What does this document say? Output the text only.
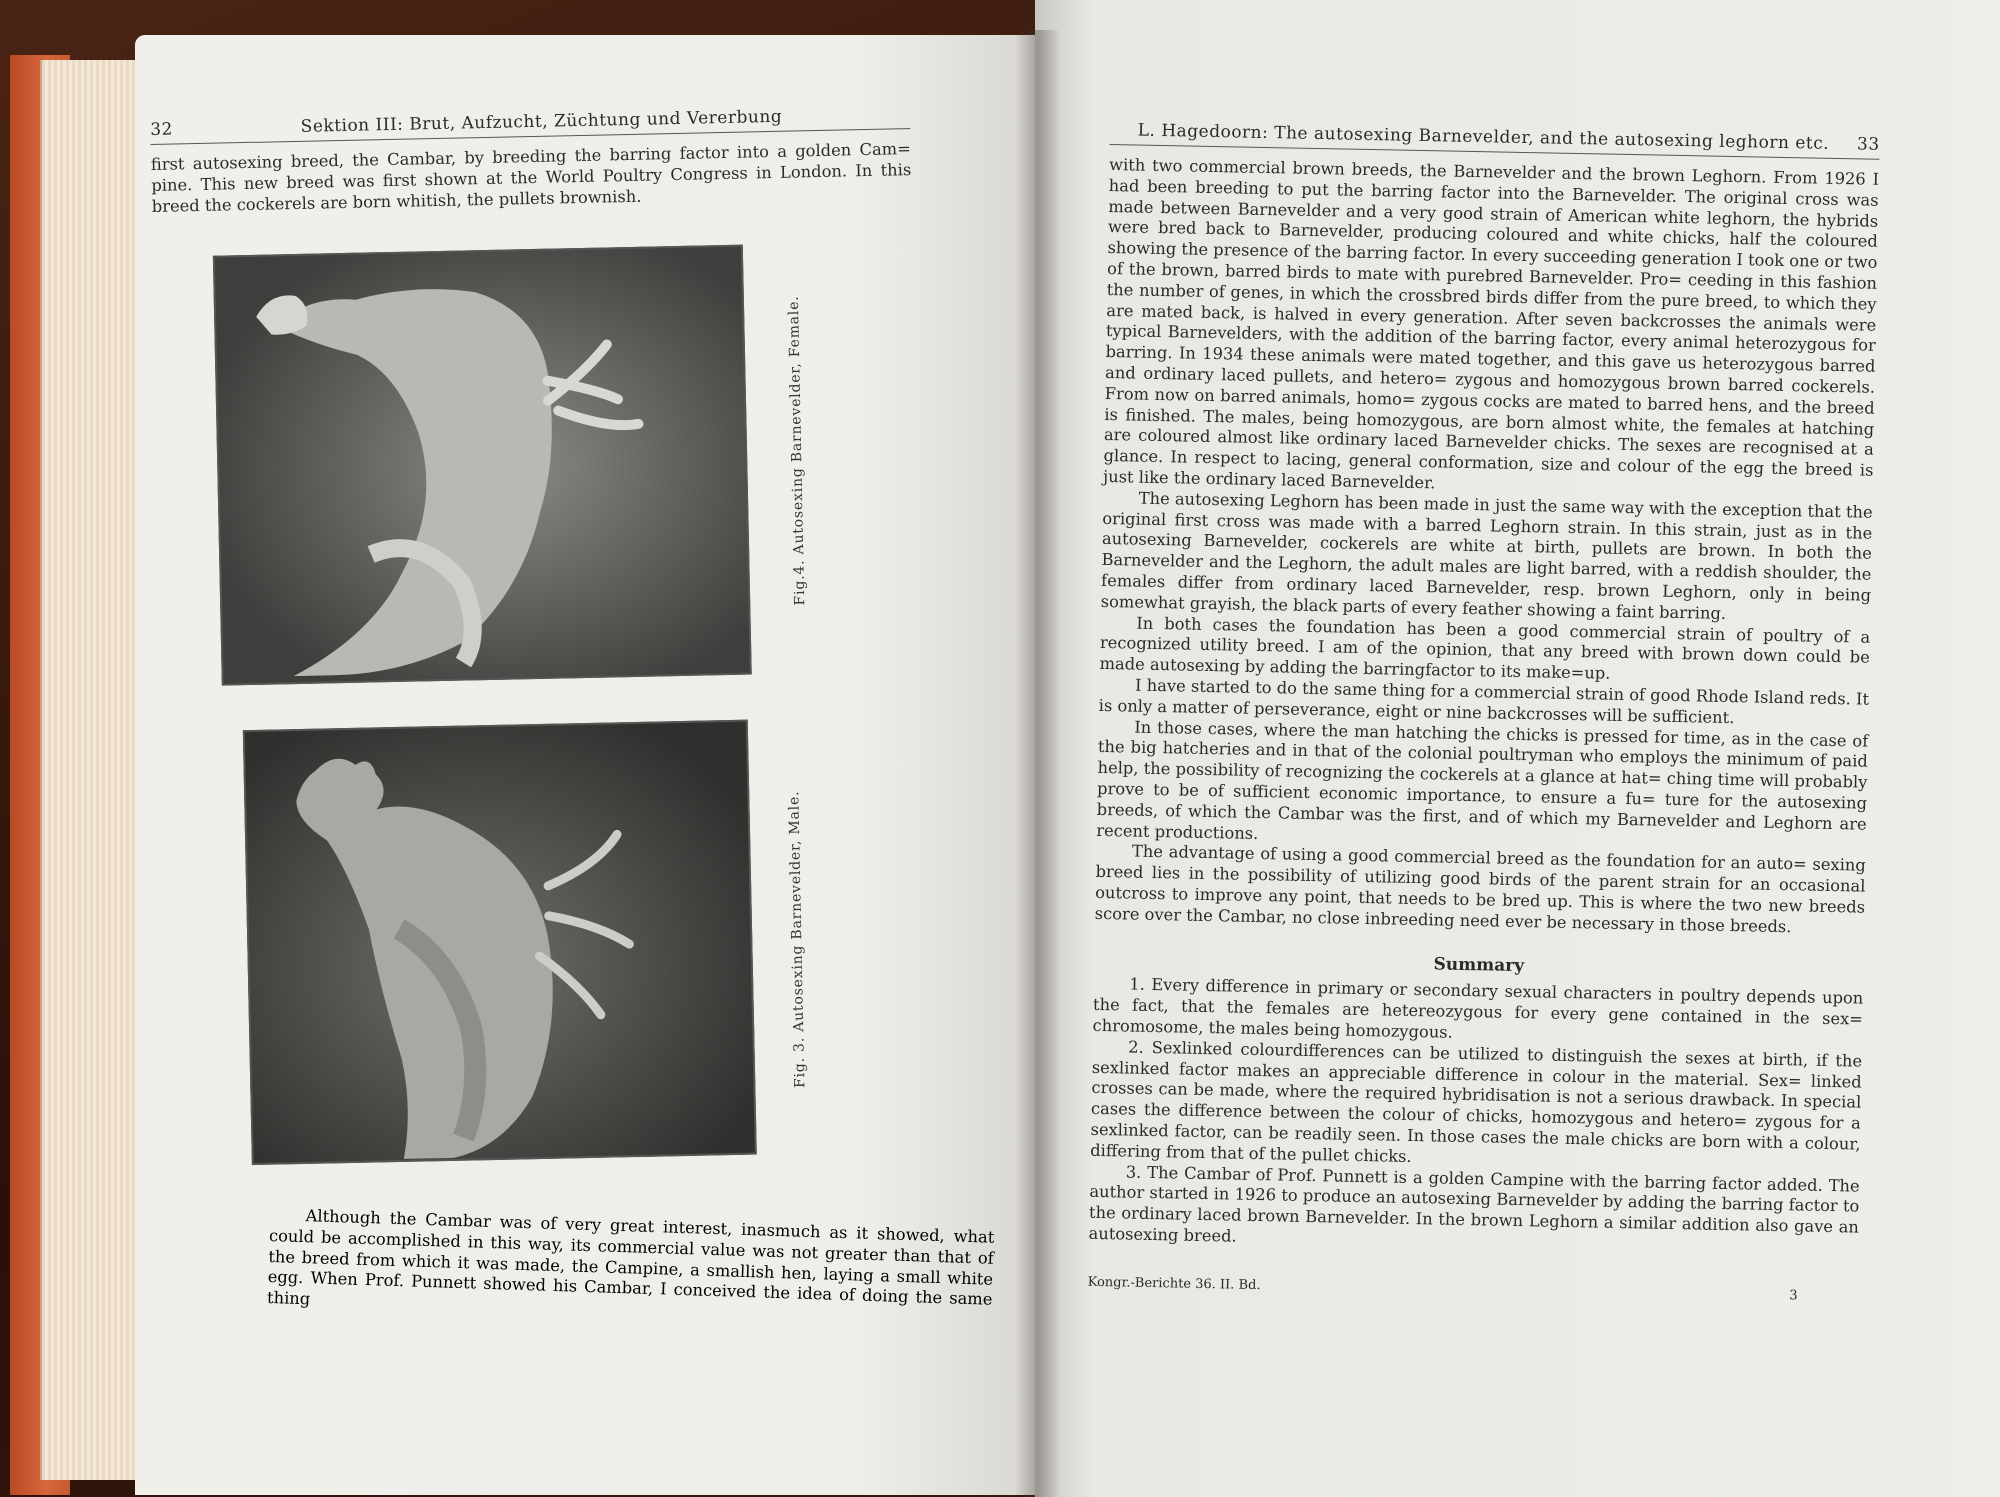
32	Sektion III: Brut, Aufzucht, Züchtung und Vererbung

first autosexing breed, the Cambar, by breeding the barring factor into a golden Cam= pine. This new breed was first shown at the World Poultry Congress in London. In this breed the cockerels are born whitish, the pullets brownish.

Fig.4. Autosexing Barnevelder, Female.
Fig. 3. Autosexing Barnevelder, Male.

Although the Cambar was of very great interest, inasmuch as it showed, what could be accomplished in this way, its commercial value was not greater than that of the breed from which it was made, the Campine, a smallish hen, laying a small white egg. When Prof. Punnett showed his Cambar, I conceived the idea of doing the same thing

L. Hagedoorn: The autosexing Barnevelder, and the autosexing leghorn etc.	33

with two commercial brown breeds, the Barnevelder and the brown Leghorn. From 1926 I had been breeding to put the barring factor into the Barnevelder. The original cross was made between Barnevelder and a very good strain of American white leghorn, the hybrids were bred back to Barnevelder, producing coloured and white chicks, half the coloured showing the presence of the barring factor. In every succeeding generation I took one or two of the brown, barred birds to mate with purebred Barnevelder. Pro= ceeding in this fashion the number of genes, in which the crossbred birds differ from the pure breed, to which they are mated back, is halved in every generation. After seven backcrosses the animals were typical Barnevelders, with the addition of the barring factor, every animal heterozygous for barring. In 1934 these animals were mated together, and this gave us heterozygous barred and ordinary laced pullets, and hetero= zygous and homozygous brown barred cockerels. From now on barred animals, homo= zygous cocks are mated to barred hens, and the breed is finished. The males, being homozygous, are born almost white, the females at hatching are coloured almost like ordinary laced Barnevelder chicks. The sexes are recognised at a glance. In respect to lacing, general conformation, size and colour of the egg the breed is just like the ordinary laced Barnevelder.

The autosexing Leghorn has been made in just the same way with the exception that the original first cross was made with a barred Leghorn strain. In this strain, just as in the autosexing Barnevelder, cockerels are white at birth, pullets are brown. In both the Barnevelder and the Leghorn, the adult males are light barred, with a reddish shoulder, the females differ from ordinary laced Barnevelder, resp. brown Leghorn, only in being somewhat grayish, the black parts of every feather showing a faint barring.

In both cases the foundation has been a good commercial strain of poultry of a recognized utility breed. I am of the opinion, that any breed with brown down could be made autosexing by adding the barringfactor to its make=up.

I have started to do the same thing for a commercial strain of good Rhode Island reds. It is only a matter of perseverance, eight or nine backcrosses will be sufficient.

In those cases, where the man hatching the chicks is pressed for time, as in the case of the big hatcheries and in that of the colonial poultryman who employs the minimum of paid help, the possibility of recognizing the cockerels at a glance at hat= ching time will probably prove to be of sufficient economic importance, to ensure a fu= ture for the autosexing breeds, of which the Cambar was the first, and of which my Barnevelder and Leghorn are recent productions.

The advantage of using a good commercial breed as the foundation for an auto= sexing breed lies in the possibility of utilizing good birds of the parent strain for an occasional outcross to improve any point, that needs to be bred up. This is where the two new breeds score over the Cambar, no close inbreeding need ever be necessary in those breeds.

Summary

1. Every difference in primary or secondary sexual characters in poultry depends upon the fact, that the females are hetereozygous for every gene contained in the sex= chromosome, the males being homozygous.

2. Sexlinked colourdifferences can be utilized to distinguish the sexes at birth, if the sexlinked factor makes an appreciable difference in colour in the material. Sex= linked crosses can be made, where the required hybridisation is not a serious drawback. In special cases the difference between the colour of chicks, homozygous and hetero= zygous for a sexlinked factor, can be readily seen. In those cases the male chicks are born with a colour, differing from that of the pullet chicks.

3. The Cambar of Prof. Punnett is a golden Campine with the barring factor added. The author started in 1926 to produce an autosexing Barnevelder by adding the barring factor to the ordinary laced brown Barnevelder. In the brown Leghorn a similar addition also gave an autosexing breed.

Kongr.-Berichte 36. II. Bd.
3
